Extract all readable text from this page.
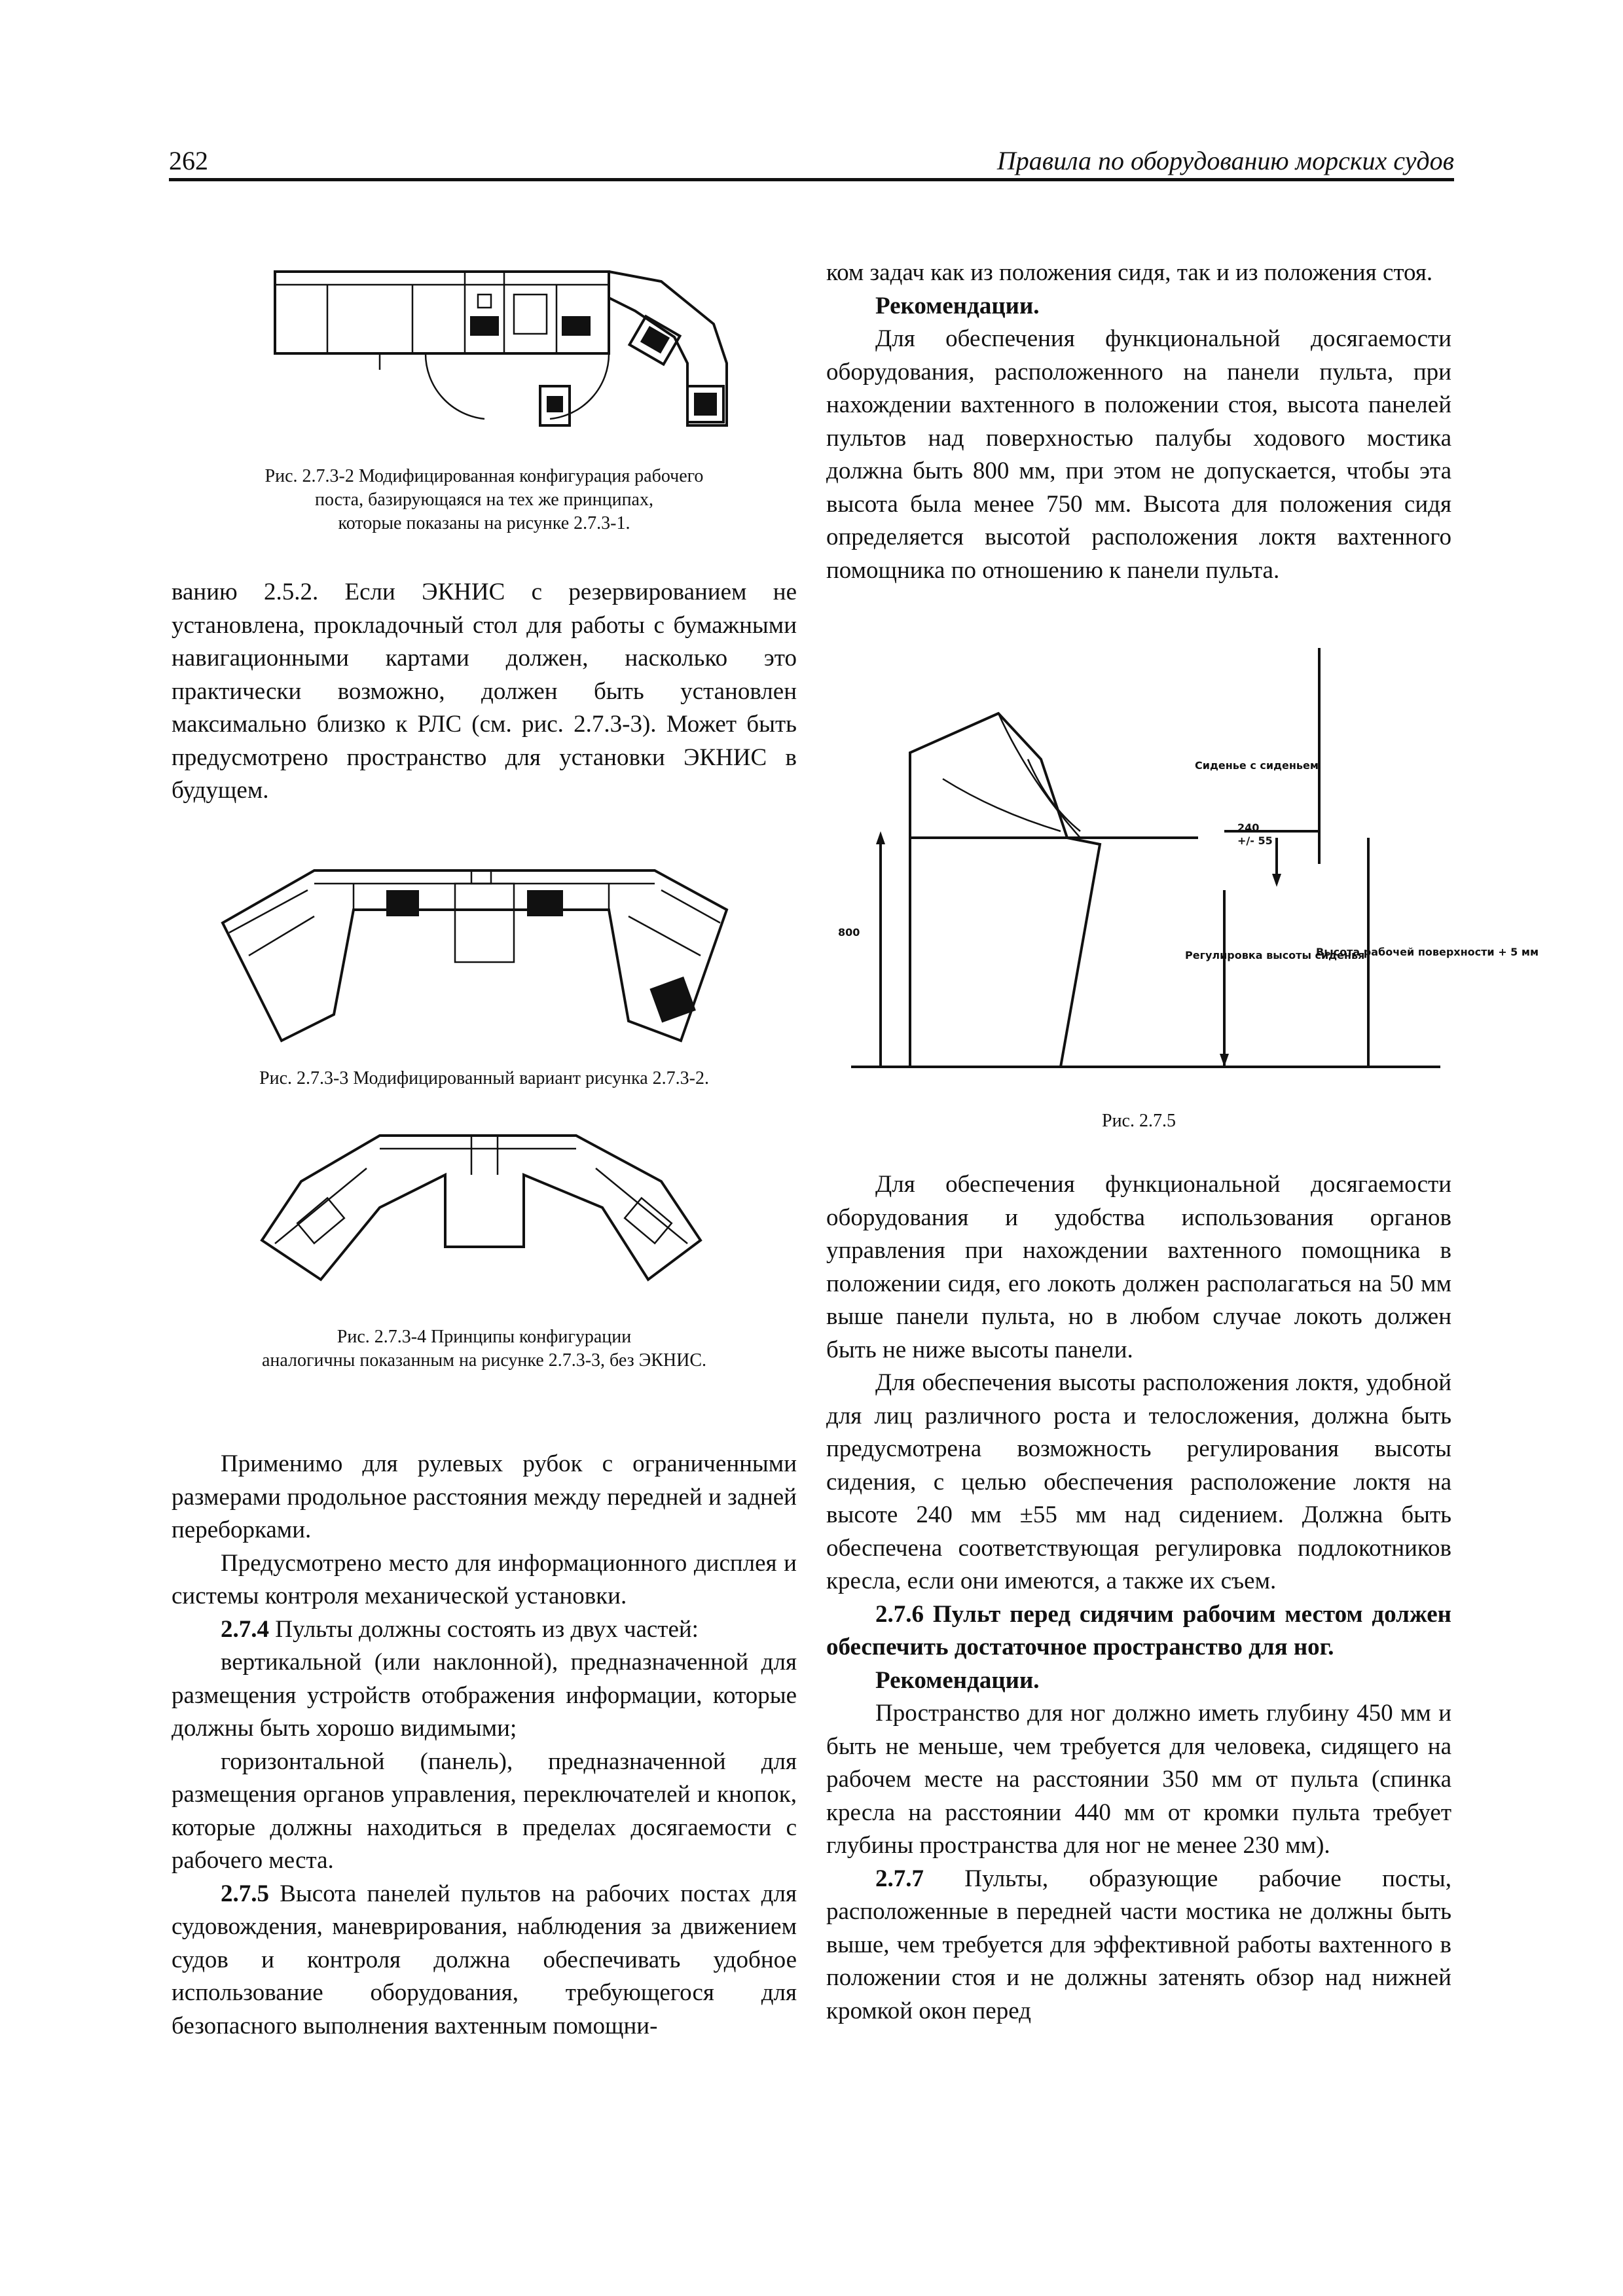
262	Правила по оборудованию морских судов
Рис. 2.7.3-2 Модифицированная конфигурация рабочего
поста, базирующаяся на тех же принципах,
которые показаны на рисунке 2.7.3-1.

ванию 2.5.2. Если ЭКНИС с резервированием не установлена, прокладочный стол для работы с бумажными навигационными картами должен, насколько это практически возможно, должен быть установлен максимально близко к РЛС (см. рис. 2.7.3-3). Может быть предусмотрено пространство для установки ЭКНИС в будущем.

Рис. 2.7.3-3 Модифицированный вариант рисунка 2.7.3-2.
Рис. 2.7.3-4 Принципы конфигурации
аналогичны показанным на рисунке 2.7.3-3, без ЭКНИС.

Применимо для рулевых рубок с ограниченными размерами продольное расстояния между передней и задней переборками.

Предусмотрено место для информационного дисплея и системы контроля механической установки.

2.7.4 Пульты должны состоять из двух частей:

вертикальной (или наклонной), предназначенной для размещения устройств отображения информации, которые должны быть хорошо видимыми;

горизонтальной (панель), предназначенной для размещения органов управления, переключателей и кнопок, которые должны находиться в пределах досягаемости с рабочего места.

2.7.5 Высота панелей пультов на рабочих постах для судовождения, маневрирования, наблюдения за движением судов и контроля должна обеспечивать удобное использование оборудования, требующегося для безопасного выполнения вахтенным помощни-

ком задач как из положения сидя, так и из положения стоя.

Рекомендации.

Для обеспечения функциональной досягаемости оборудования, расположенного на панели пульта, при нахождении вахтенного в положении стоя, высота панелей пультов над поверхностью палубы ходового мостика должна быть 800 мм, при этом не допускается, чтобы эта высота была менее 750 мм. Высота для положения сидя определяется высотой расположения локтя вахтенного помощника по отношению к панели пульта.

800
240
+/- 55
Сиденье с сиденьем
Регулировка высоты сиденья
Высота рабочей поверхности + 5 мм
Рис. 2.7.5

Для обеспечения функциональной досягаемости оборудования и удобства использования органов управления при нахождении вахтенного помощника в положении сидя, его локоть должен располагаться на 50 мм выше панели пульта, но в любом случае локоть должен быть не ниже высоты панели.

Для обеспечения высоты расположения локтя, удобной для лиц различного роста и телосложения, должна быть предусмотрена возможность регулирования высоты сидения, с целью обеспечения расположение локтя на высоте 240 мм ±55 мм над сидением. Должна быть обеспечена соответствующая регулировка подлокотников кресла, если они имеются, а также их съем.

2.7.6 Пульт перед сидячим рабочим местом должен обеспечить достаточное пространство для ног.

Рекомендации.

Пространство для ног должно иметь глубину 450 мм и быть не меньше, чем требуется для человека, сидящего на рабочем месте на расстоянии 350 мм от пульта (спинка кресла на расстоянии 440 мм от кромки пульта требует глубины пространства для ног не менее 230 мм).

2.7.7 Пульты, образующие рабочие посты, расположенные в передней части мостика не должны быть выше, чем требуется для эффективной работы вахтенного в положении стоя и не должны затенять обзор над нижней кромкой окон перед
